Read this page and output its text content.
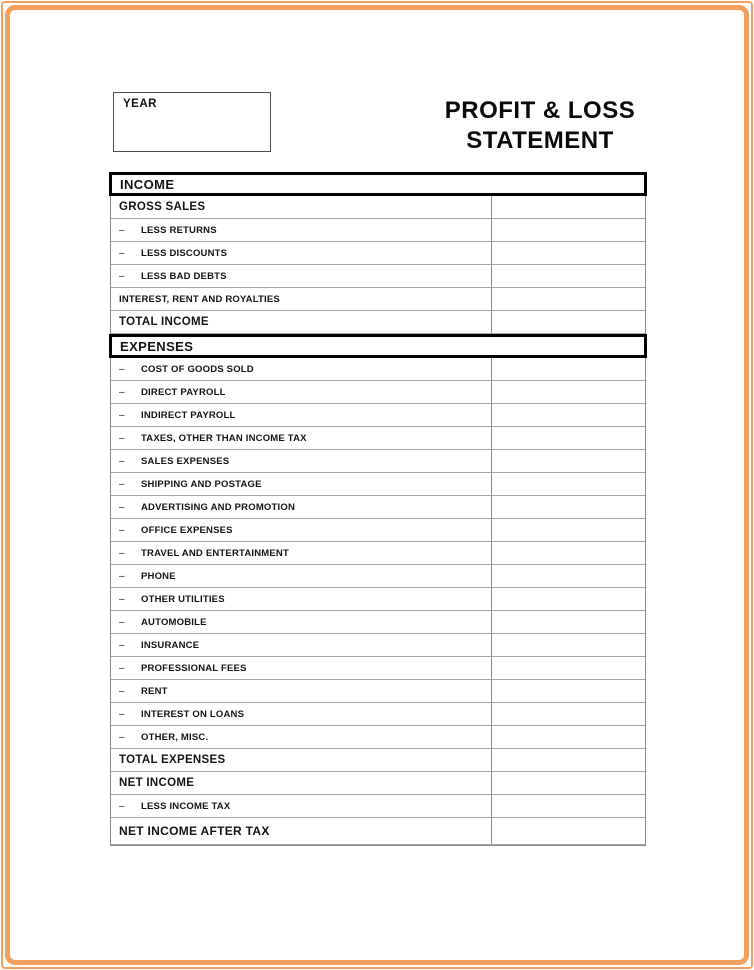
YEAR	PROFIT & LOSS
STATEMENT
INCOME
GROSS SALES
–	LESS RETURNS
–	LESS DISCOUNTS
–	LESS BAD DEBTS
INTEREST, RENT AND ROYALTIES
TOTAL INCOME
EXPENSES
–	COST OF GOODS SOLD
–	DIRECT PAYROLL
–	INDIRECT PAYROLL
–	TAXES, OTHER THAN INCOME TAX
–	SALES EXPENSES
–	SHIPPING AND POSTAGE
–	ADVERTISING AND PROMOTION
–	OFFICE EXPENSES
–	TRAVEL AND ENTERTAINMENT
–	PHONE
–	OTHER UTILITIES
–	AUTOMOBILE
–	INSURANCE
–	PROFESSIONAL FEES
–	RENT
–	INTEREST ON LOANS
–	OTHER, MISC.
TOTAL EXPENSES
NET INCOME
–	LESS INCOME TAX
NET INCOME AFTER TAX
